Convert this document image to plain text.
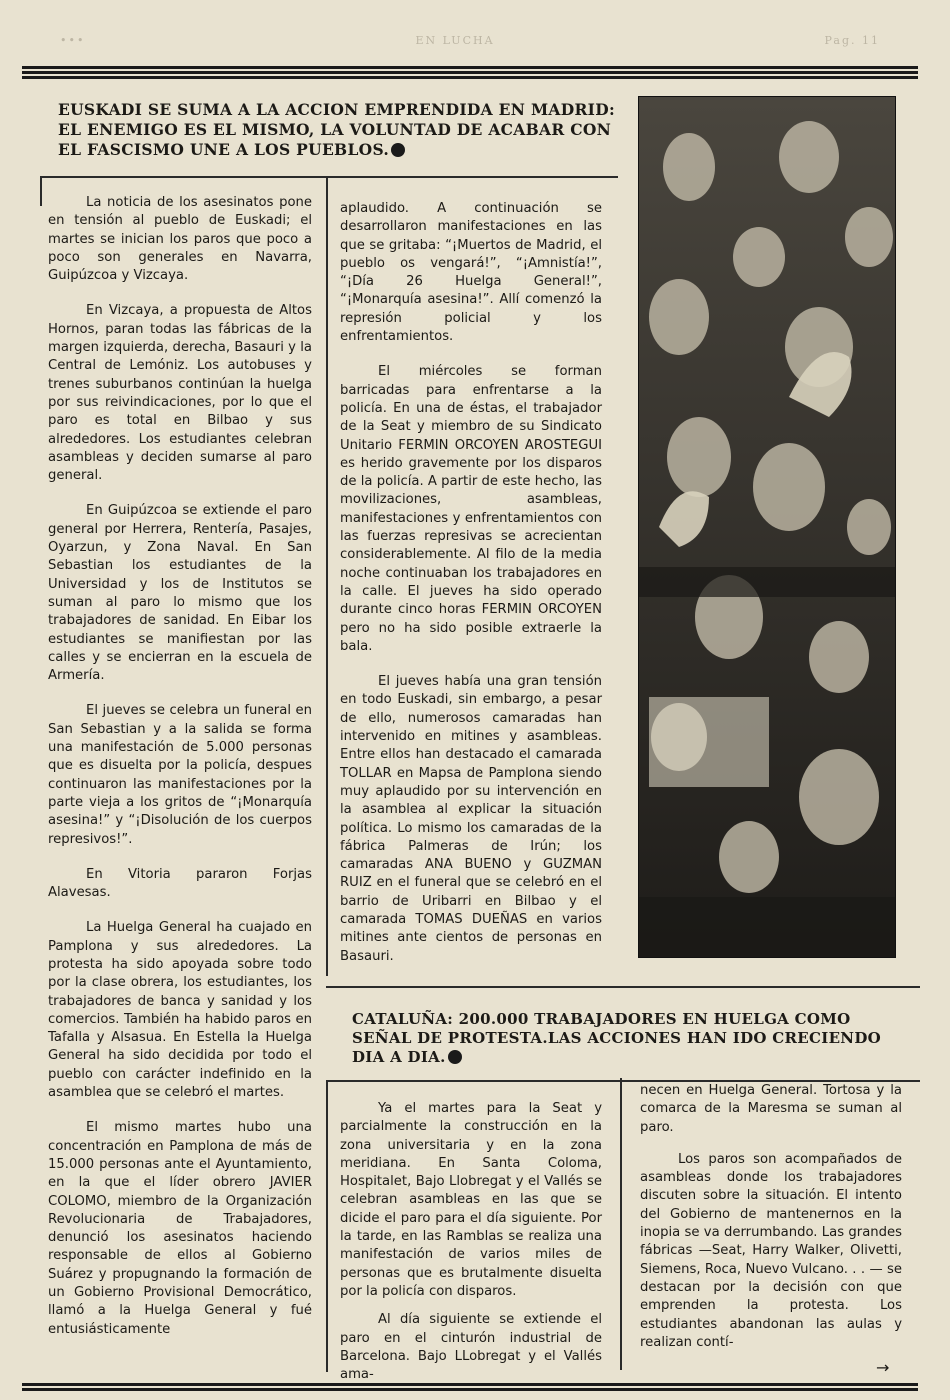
•••	EN LUCHA	Pag. 11
EUSKADI SE SUMA A LA ACCION EMPRENDIDA EN MADRID: EL ENEMIGO ES EL MISMO, LA VOLUNTAD DE ACABAR CON EL FASCISMO UNE A LOS PUEBLOS.

La noticia de los asesinatos pone en tensión al pueblo de Euskadi; el martes se inician los paros que poco a poco son generales en Navarra, Guipúzcoa y Vizcaya.

En Vizcaya, a propuesta de Altos Hornos, paran todas las fábricas de la margen izquierda, derecha, Basauri y la Central de Lemóniz. Los autobuses y trenes suburbanos continúan la huelga por sus reivindicaciones, por lo que el paro es total en Bilbao y sus alrededores. Los estudiantes celebran asambleas y deciden sumarse al paro general.

En Guipúzcoa se extiende el paro general por Herrera, Rentería, Pasajes, Oyarzun, y Zona Naval. En San Sebastian los estudiantes de la Universidad y los de Institutos se suman al paro lo mismo que los trabajadores de sanidad. En Eibar los estudiantes se manifiestan por las calles y se encierran en la escuela de Armería.

El jueves se celebra un funeral en San Sebastian y a la salida se forma una manifestación de 5.000 personas que es disuelta por la policía, despues continuaron las manifestaciones por la parte vieja a los gritos de “¡Monarquía asesina!” y “¡Disolución de los cuerpos represivos!”.

En Vitoria pararon Forjas Alavesas.

La Huelga General ha cuajado en Pamplona y sus alrededores. La protesta ha sido apoyada sobre todo por la clase obrera, los estudiantes, los trabajadores de banca y sanidad y los comercios. También ha habido paros en Tafalla y Alsasua. En Estella la Huelga General ha sido decidida por todo el pueblo con carácter indefinido en la asamblea que se celebró el martes.

El mismo martes hubo una concentración en Pamplona de más de 15.000 personas ante el Ayuntamiento, en la que el líder obrero JAVIER COLOMO, miembro de la Organización Revolucionaria de Trabajadores, denunció los asesinatos haciendo responsable de ellos al Gobierno Suárez y propugnando la formación de un Gobierno Provisional Democrático, llamó a la Huelga General y fué entusiásticamente

aplaudido. A continuación se desarrollaron manifestaciones en las que se gritaba: “¡Muertos de Madrid, el pueblo os vengará!”, “¡Amnistía!”, “¡Día 26 Huelga General!”, “¡Monarquía asesina!”. Allí comenzó la represión policial y los enfrentamientos.

El miércoles se forman barricadas para enfrentarse a la policía. En una de éstas, el trabajador de la Seat y miembro de su Sindicato Unitario FERMIN ORCOYEN AROSTEGUI es herido gravemente por los disparos de la policía. A partir de este hecho, las movilizaciones, asambleas, manifestaciones y enfrentamientos con las fuerzas represivas se acrecientan considerablemente. Al filo de la media noche continuaban los trabajadores en la calle. El jueves ha sido operado durante cinco horas FERMIN ORCOYEN pero no ha sido posible extraerle la bala.

El jueves había una gran tensión en todo Euskadi, sin embargo, a pesar de ello, numerosos camaradas han intervenido en mitines y asambleas. Entre ellos han destacado el camarada TOLLAR en Mapsa de Pamplona siendo muy aplaudido por su intervención en la asamblea al explicar la situación política. Lo mismo los camaradas de la fábrica Palmeras de Irún; los camaradas ANA BUENO y GUZMAN RUIZ en el funeral que se celebró en el barrio de Uribarri en Bilbao y el camarada TOMAS DUEÑAS en varios mitines ante cientos de personas en Basauri.

CATALUÑA: 200.000 TRABAJADORES EN HUELGA COMO SEÑAL DE PROTESTA.LAS ACCIONES HAN IDO CRECIENDO DIA A DIA.

Ya el martes para la Seat y parcialmente la construcción en la zona universitaria y en la zona meridiana. En Santa Coloma, Hospitalet, Bajo Llobregat y el Vallés se celebran asambleas en las que se dicide el paro para el día siguiente. Por la tarde, en las Ramblas se realiza una manifestación de varios miles de personas que es brutalmente disuelta por la policía con disparos.

Al día siguiente se extiende el paro en el cinturón industrial de Barcelona. Bajo LLobregat y el Vallés ama-

necen en Huelga General. Tortosa y la comarca de la Maresma se suman al paro.

Los paros son acompañados de asambleas donde los trabajadores discuten sobre la situación. El intento del Gobierno de mantenernos en la inopia se va derrumbando. Las grandes fábricas —Seat, Harry Walker, Olivetti, Siemens, Roca, Nuevo Vulcano. . . — se destacan por la decisión con que emprenden la protesta. Los estudiantes abandonan las aulas y realizan contí-

→
